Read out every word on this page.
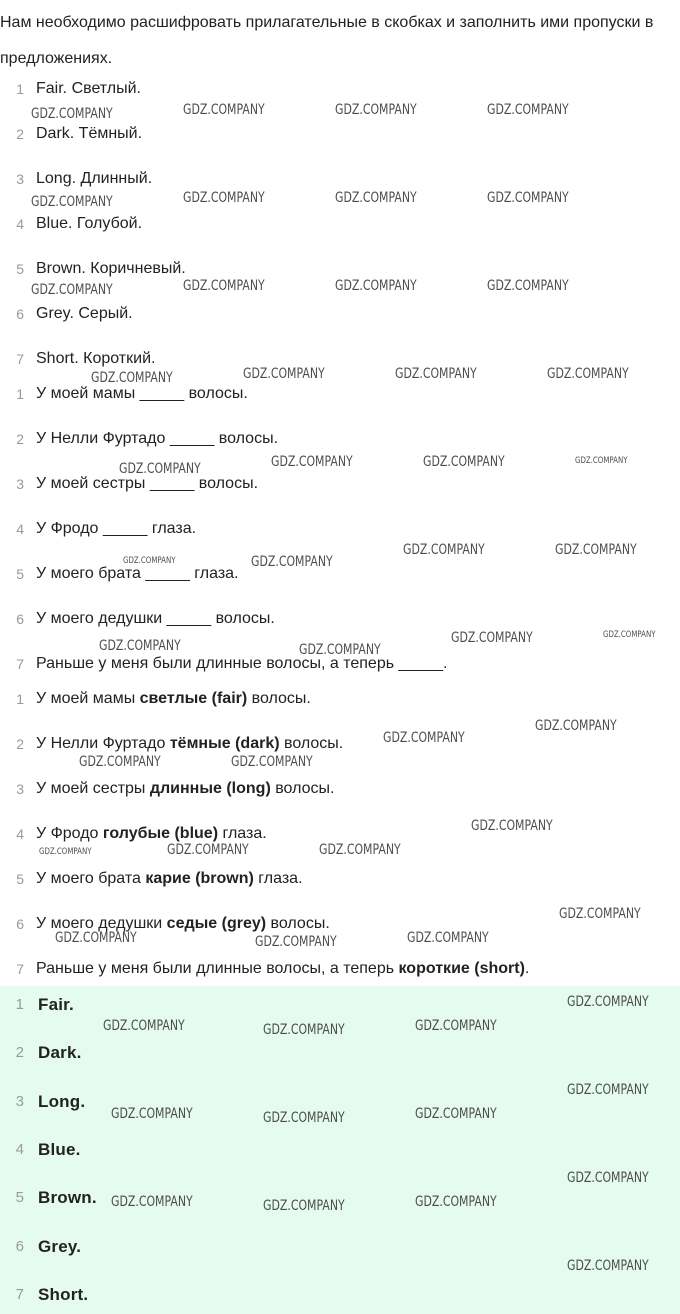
Нам необходимо расшифровать прилагательные в скобках и заполнить ими пропуски в предложениях.
1 Fair. Светлый.
2 Dark. Тёмный.
3 Long. Длинный.
4 Blue. Голубой.
5 Brown. Коричневый.
6 Grey. Серый.
7 Short. Короткий.
1 У моей мамы _____ волосы.
2 У Нелли Фуртадо _____ волосы.
3 У моей сестры _____ волосы.
4 У Фродо _____ глаза.
5 У моего брата _____ глаза.
6 У моего дедушки _____ волосы.
7 Раньше у меня были длинные волосы, а теперь _____.
1 У моей мамы светлые (fair) волосы.
2 У Нелли Фуртадо тёмные (dark) волосы.
3 У моей сестры длинные (long) волосы.
4 У Фродо голубые (blue) глаза.
5 У моего брата карие (brown) глаза.
6 У моего дедушки седые (grey) волосы.
7 Раньше у меня были длинные волосы, а теперь короткие (short).
1 Fair.
2 Dark.
3 Long.
4 Blue.
5 Brown.
6 Grey.
7 Short.
GDZ.COMPANY	GDZ.COMPANY	GDZ.COMPANY	GDZ.COMPANY
GDZ.COMPANY	GDZ.COMPANY	GDZ.COMPANY	GDZ.COMPANY
GDZ.COMPANY	GDZ.COMPANY	GDZ.COMPANY	GDZ.COMPANY
GDZ.COMPANY	GDZ.COMPANY	GDZ.COMPANY	GDZ.COMPANY
GDZ.COMPANY	GDZ.COMPANY	GDZ.COMPANY	GDZ.COMPANY
GDZ.COMPANY	GDZ.COMPANY
GDZ.COMPANY	GDZ.COMPANY
GDZ.COMPANY	GDZ.COMPANY
GDZ.COMPANY	GDZ.COMPANY
GDZ.COMPANY
GDZ.COMPANY
GDZ.COMPANY	GDZ.COMPANY
GDZ.COMPANY
GDZ.COMPANY	GDZ.COMPANY	GDZ.COMPANY
GDZ.COMPANY
GDZ.COMPANY	GDZ.COMPANY	GDZ.COMPANY
GDZ.COMPANY
GDZ.COMPANY	GDZ.COMPANY	GDZ.COMPANY
GDZ.COMPANY
GDZ.COMPANY	GDZ.COMPANY	GDZ.COMPANY
GDZ.COMPANY
GDZ.COMPANY	GDZ.COMPANY	GDZ.COMPANY
GDZ.COMPANY
